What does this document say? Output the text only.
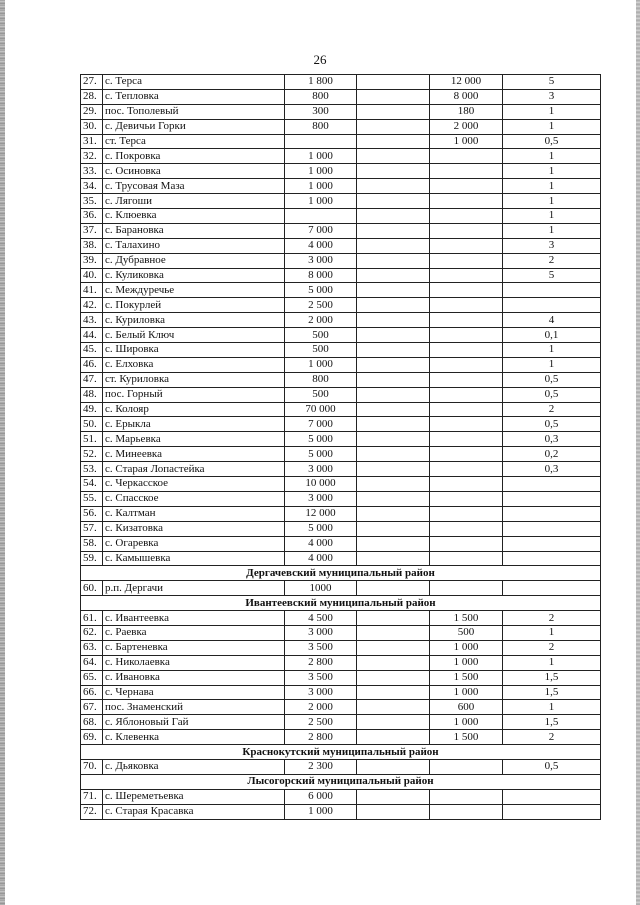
26
27.	с. Терса	1 800		12 000	5
28.	с. Тепловка	800		8 000	3
29.	пос. Тополевый	300		180	1
30.	с. Девичьи Горки	800		2 000	1
31.	ст. Терса			1 000	0,5
32.	с. Покровка	1 000			1
33.	с. Осиновка	1 000			1
34.	с. Трусовая Маза	1 000			1
35.	с. Лягоши	1 000			1
36.	с. Клюевка				1
37.	с. Барановка	7 000			1
38.	с. Талахино	4 000			3
39.	с. Дубравное	3 000			2
40.	с. Куликовка	8 000			5
41.	с. Междуречье	5 000			
42.	с. Покурлей	2 500			
43.	с. Куриловка	2 000			4
44.	с. Белый Ключ	500			0,1
45.	с. Шировка	500			1
46.	с. Елховка	1 000			1
47.	ст. Куриловка	800			0,5
48.	пос. Горный	500			0,5
49.	с. Колояр	70 000			2
50.	с. Ерыкла	7 000			0,5
51.	с. Марьевка	5 000			0,3
52.	с. Минеевка	5 000			0,2
53.	с. Старая Лопастейка	3 000			0,3
54.	с. Черкасское	10 000			
55.	с. Спасское	3 000			
56.	с. Калтман	12 000			
57.	с. Кизатовка	5 000			
58.	с. Огаревка	4 000			
59.	с. Камышевка	4 000			
Дергачевский муниципальный район					
60.	р.п. Дергачи	1000			
Ивантеевский муниципальный район					
61.	с. Ивантеевка	4 500		1 500	2
62.	с. Раевка	3 000		500	1
63.	с. Бартеневка	3 500		1 000	2
64.	с. Николаевка	2 800		1 000	1
65.	с. Ивановка	3 500		1 500	1,5
66.	с. Чернава	3 000		1 000	1,5
67.	пос. Знаменский	2 000		600	1
68.	с. Яблоновый Гай	2 500		1 000	1,5
69.	с. Клевенка	2 800		1 500	2
Краснокутский муниципальный район					
70.	с. Дьяковка	2 300			0,5
Лысогорский муниципальный район					
71.	с. Шереметьевка	6 000			
72.	с. Старая Красавка	1 000			
